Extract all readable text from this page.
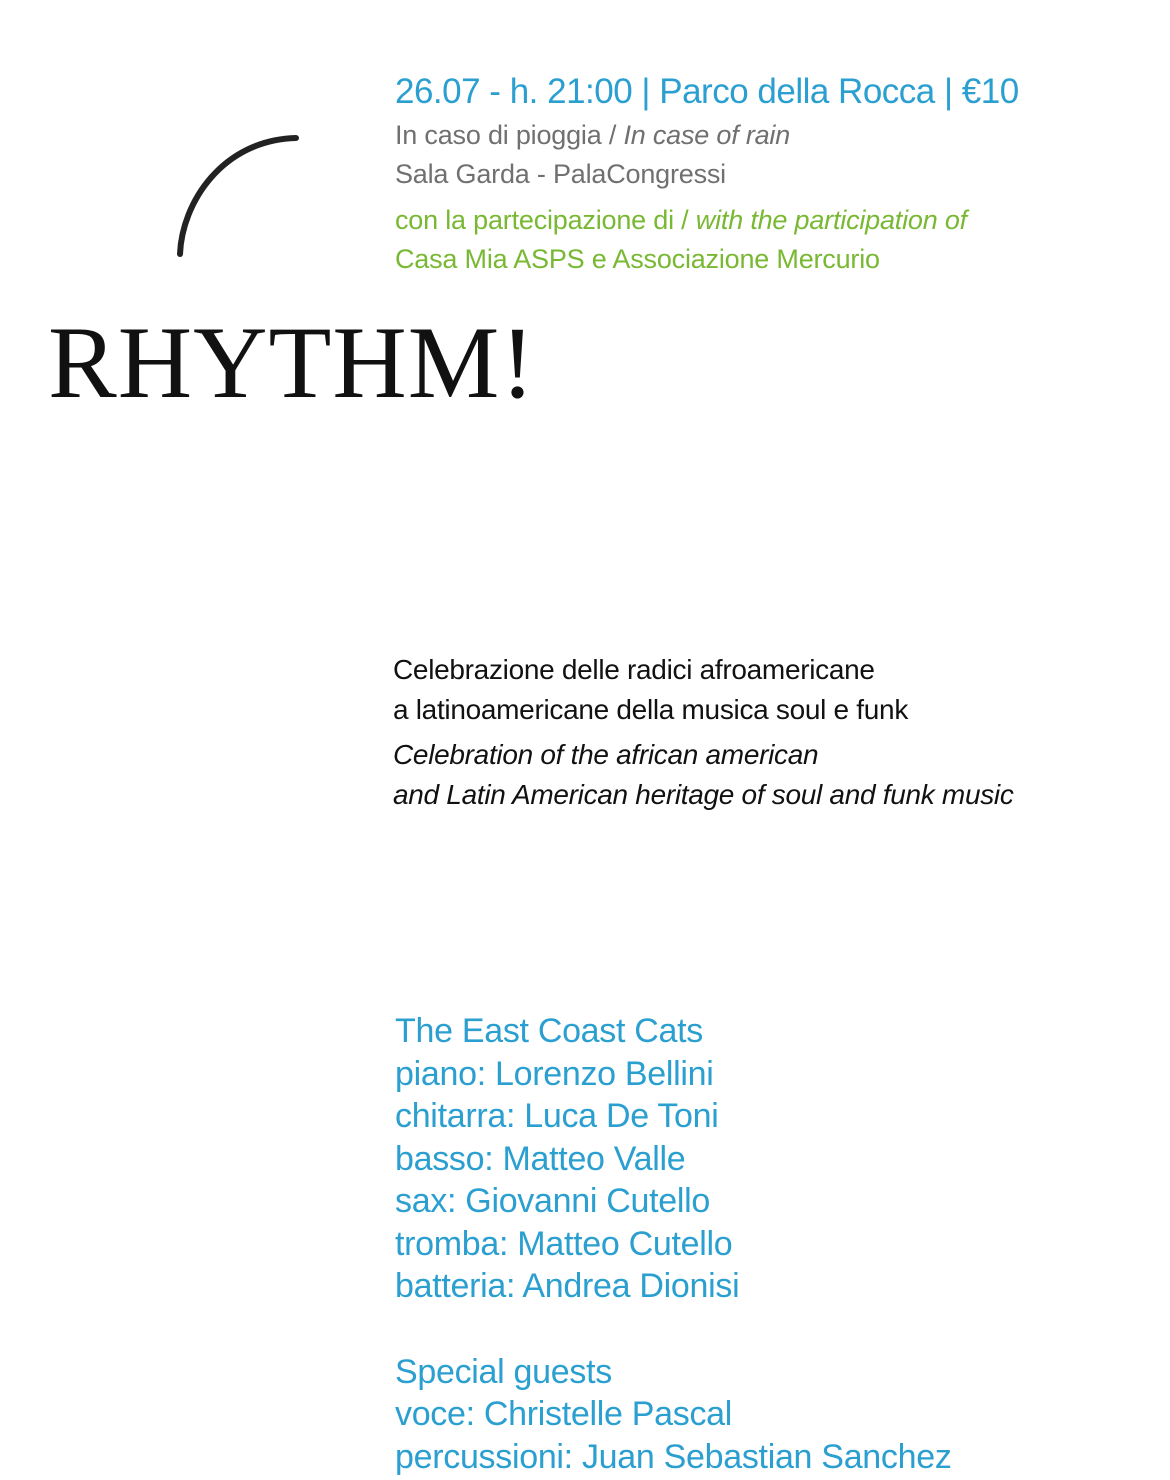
26.07 - h. 21:00 | Parco della Rocca | €10
In caso di pioggia / In case of rain
Sala Garda - PalaCongressi
con la partecipazione di / with the participation of
Casa Mia ASPS e Associazione Mercurio
RHYTHM!
Celebrazione delle radici afroamericane
a latinoamericane della musica soul e funk
Celebration of the african american
and Latin American heritage of soul and funk music
The East Coast Cats
piano: Lorenzo Bellini
chitarra: Luca De Toni
basso: Matteo Valle
sax: Giovanni Cutello
tromba: Matteo Cutello
batteria: Andrea Dionisi
Special guests
voce: Christelle Pascal
percussioni: Juan Sebastian Sanchez
